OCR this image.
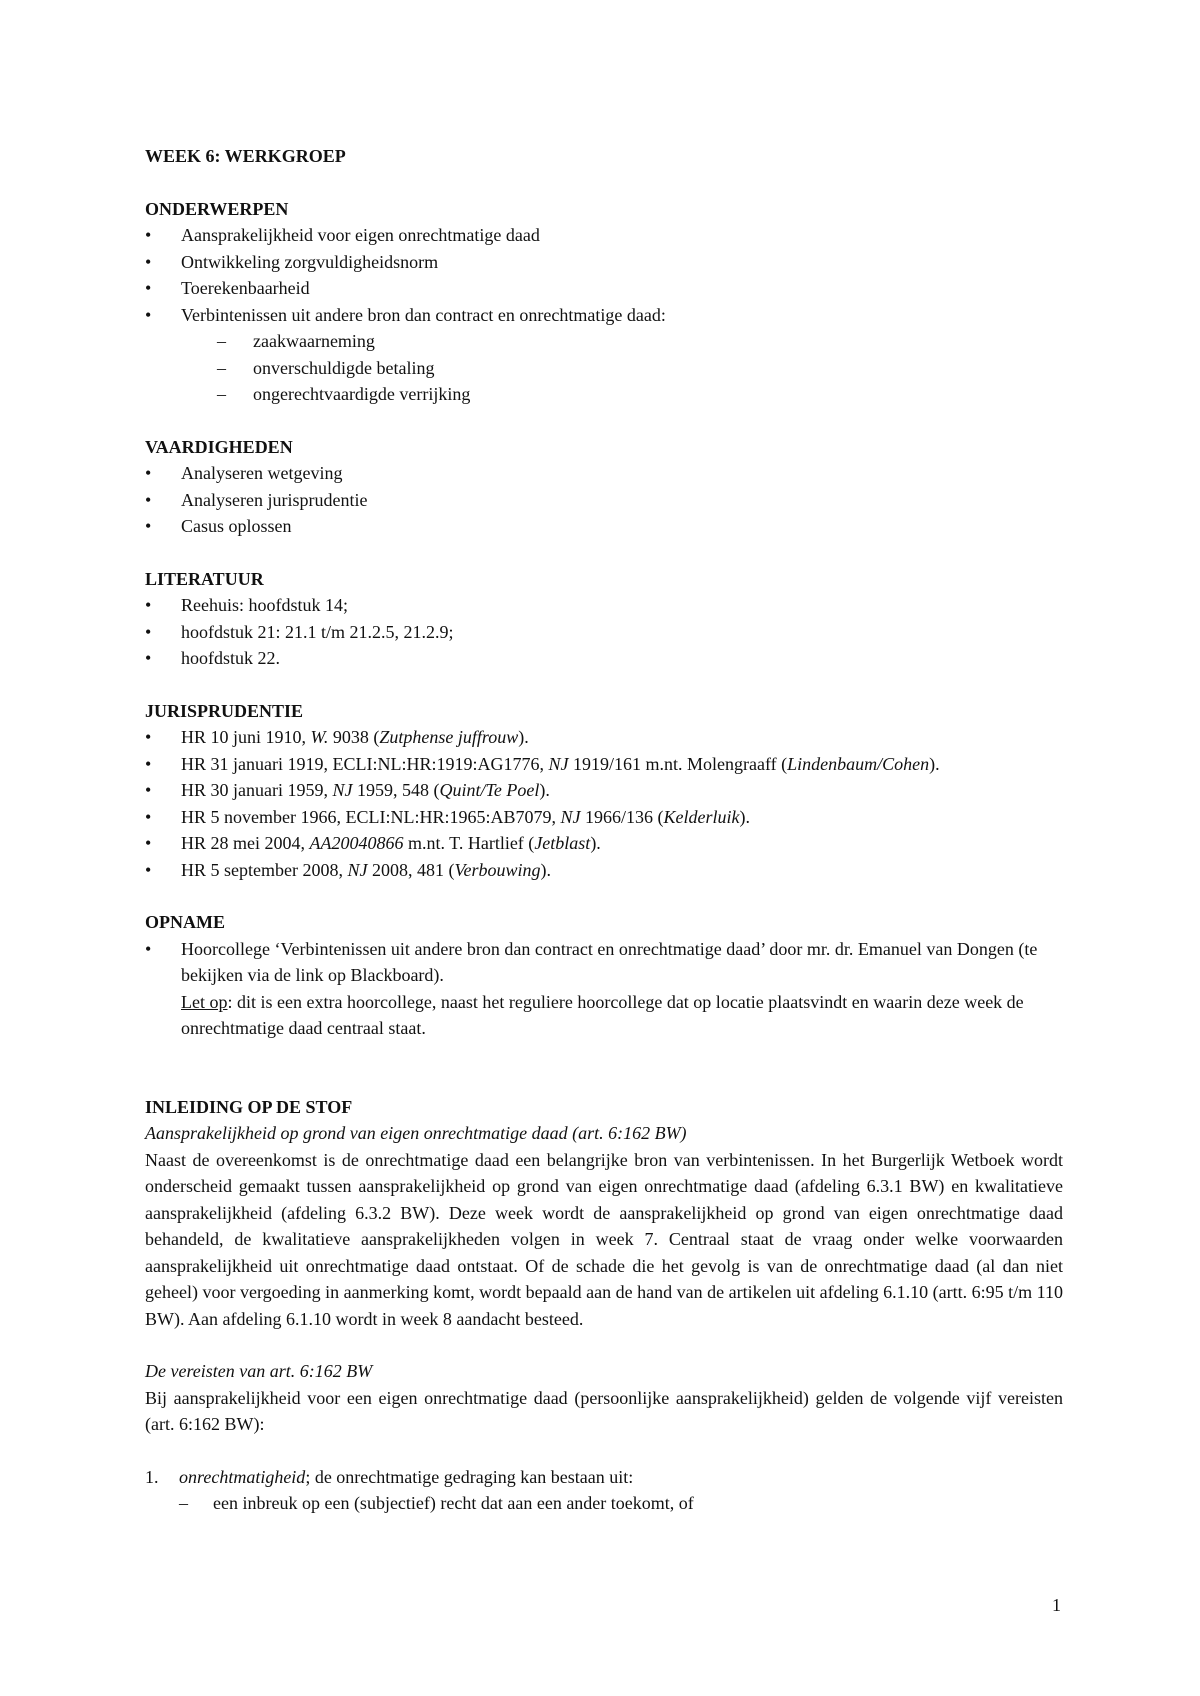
WEEK 6: WERKGROEP

ONDERWERPEN

• Aansprakelijkheid voor eigen onrechtmatige daad
• Ontwikkeling zorgvuldigheidsnorm
• Toerekenbaarheid
• Verbintenissen uit andere bron dan contract en onrechtmatige daad:
– zaakwaarneming
– onverschuldigde betaling
– ongerechtvaardigde verrijking

VAARDIGHEDEN

• Analyseren wetgeving
• Analyseren jurisprudentie
• Casus oplossen

LITERATUUR

• Reehuis: hoofdstuk 14;
• hoofdstuk 21: 21.1 t/m 21.2.5, 21.2.9;
• hoofdstuk 22.

JURISPRUDENTIE

• HR 10 juni 1910, W. 9038 (Zutphense juffrouw).
• HR 31 januari 1919, ECLI:NL:HR:1919:AG1776, NJ 1919/161 m.nt. Molengraaff (Lindenbaum/Cohen).
• HR 30 januari 1959, NJ 1959, 548 (Quint/Te Poel).
• HR 5 november 1966, ECLI:NL:HR:1965:AB7079, NJ 1966/136 (Kelderluik).
• HR 28 mei 2004, AA20040866 m.nt. T. Hartlief (Jetblast).
• HR 5 september 2008, NJ 2008, 481 (Verbouwing).

OPNAME

• Hoorcollege ‘Verbintenissen uit andere bron dan contract en onrechtmatige daad’ door mr. dr. Emanuel van Dongen (te bekijken via de link op Blackboard).
Let op: dit is een extra hoorcollege, naast het reguliere hoorcollege dat op locatie plaatsvindt en waarin deze week de onrechtmatige daad centraal staat.

INLEIDING OP DE STOF

Aansprakelijkheid op grond van eigen onrechtmatige daad (art. 6:162 BW)

Naast de overeenkomst is de onrechtmatige daad een belangrijke bron van verbintenissen. In het Burgerlijk Wetboek wordt onderscheid gemaakt tussen aansprakelijkheid op grond van eigen onrechtmatige daad (afdeling 6.3.1 BW) en kwalitatieve aansprakelijkheid (afdeling 6.3.2 BW). Deze week wordt de aansprakelijkheid op grond van eigen onrechtmatige daad behandeld, de kwalitatieve aansprakelijkheden volgen in week 7. Centraal staat de vraag onder welke voorwaarden aansprakelijkheid uit onrechtmatige daad ontstaat. Of de schade die het gevolg is van de onrechtmatige daad (al dan niet geheel) voor vergoeding in aanmerking komt, wordt bepaald aan de hand van de artikelen uit afdeling 6.1.10 (artt. 6:95 t/m 110 BW). Aan afdeling 6.1.10 wordt in week 8 aandacht besteed.

De vereisten van art. 6:162 BW

Bij aansprakelijkheid voor een eigen onrechtmatige daad (persoonlijke aansprakelijkheid) gelden de volgende vijf vereisten (art. 6:162 BW):

1. onrechtmatigheid; de onrechtmatige gedraging kan bestaan uit:
– een inbreuk op een (subjectief) recht dat aan een ander toekomt, of
1
